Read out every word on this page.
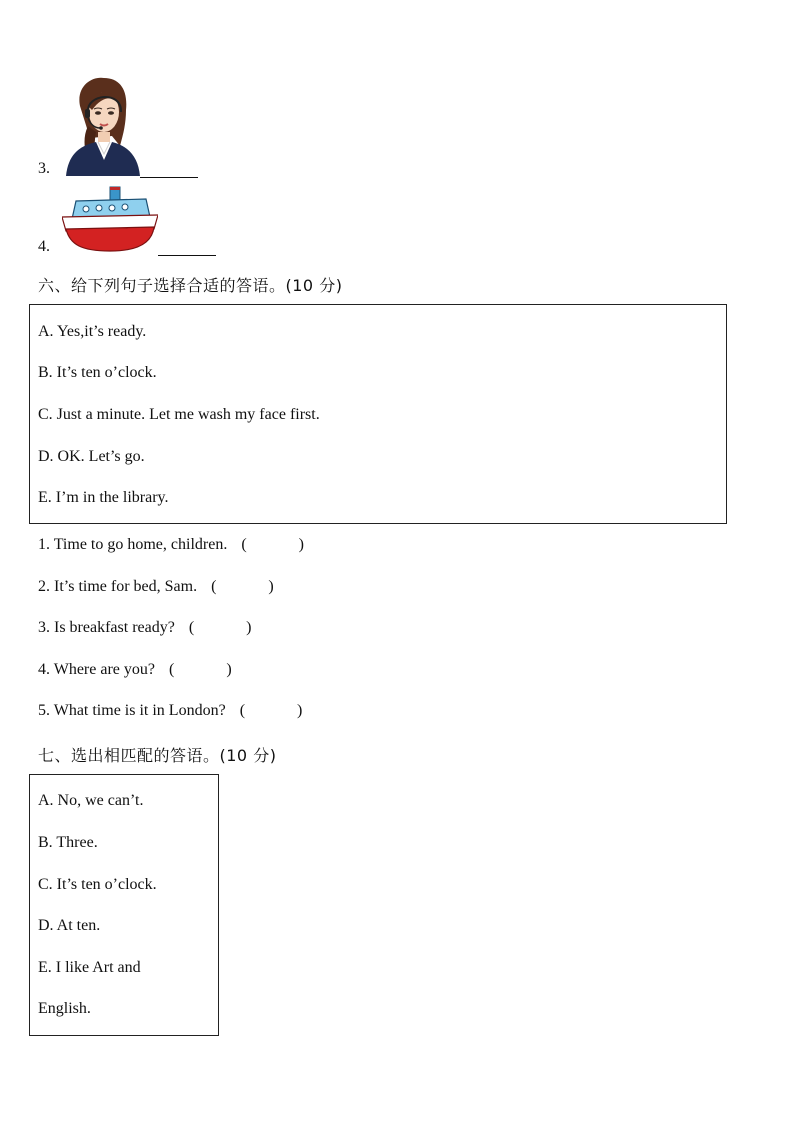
3.
4.
六、给下列句子选择合适的答语。(10 分)
A. Yes,it’s ready.
B. It’s ten o’clock.
C. Just a minute. Let me wash my face first.
D. OK. Let’s go.
E. I’m in the library.
1. Time to go home, children. (	)
2. It’s time for bed, Sam. (	)
3. Is breakfast ready? (	)
4. Where are you? (	)
5. What time is it in London? (	)
七、选出相匹配的答语。(10 分)
A. No, we can’t.
B. Three.
C. It’s ten o’clock.
D. At ten.
E. I like Art and
English.
